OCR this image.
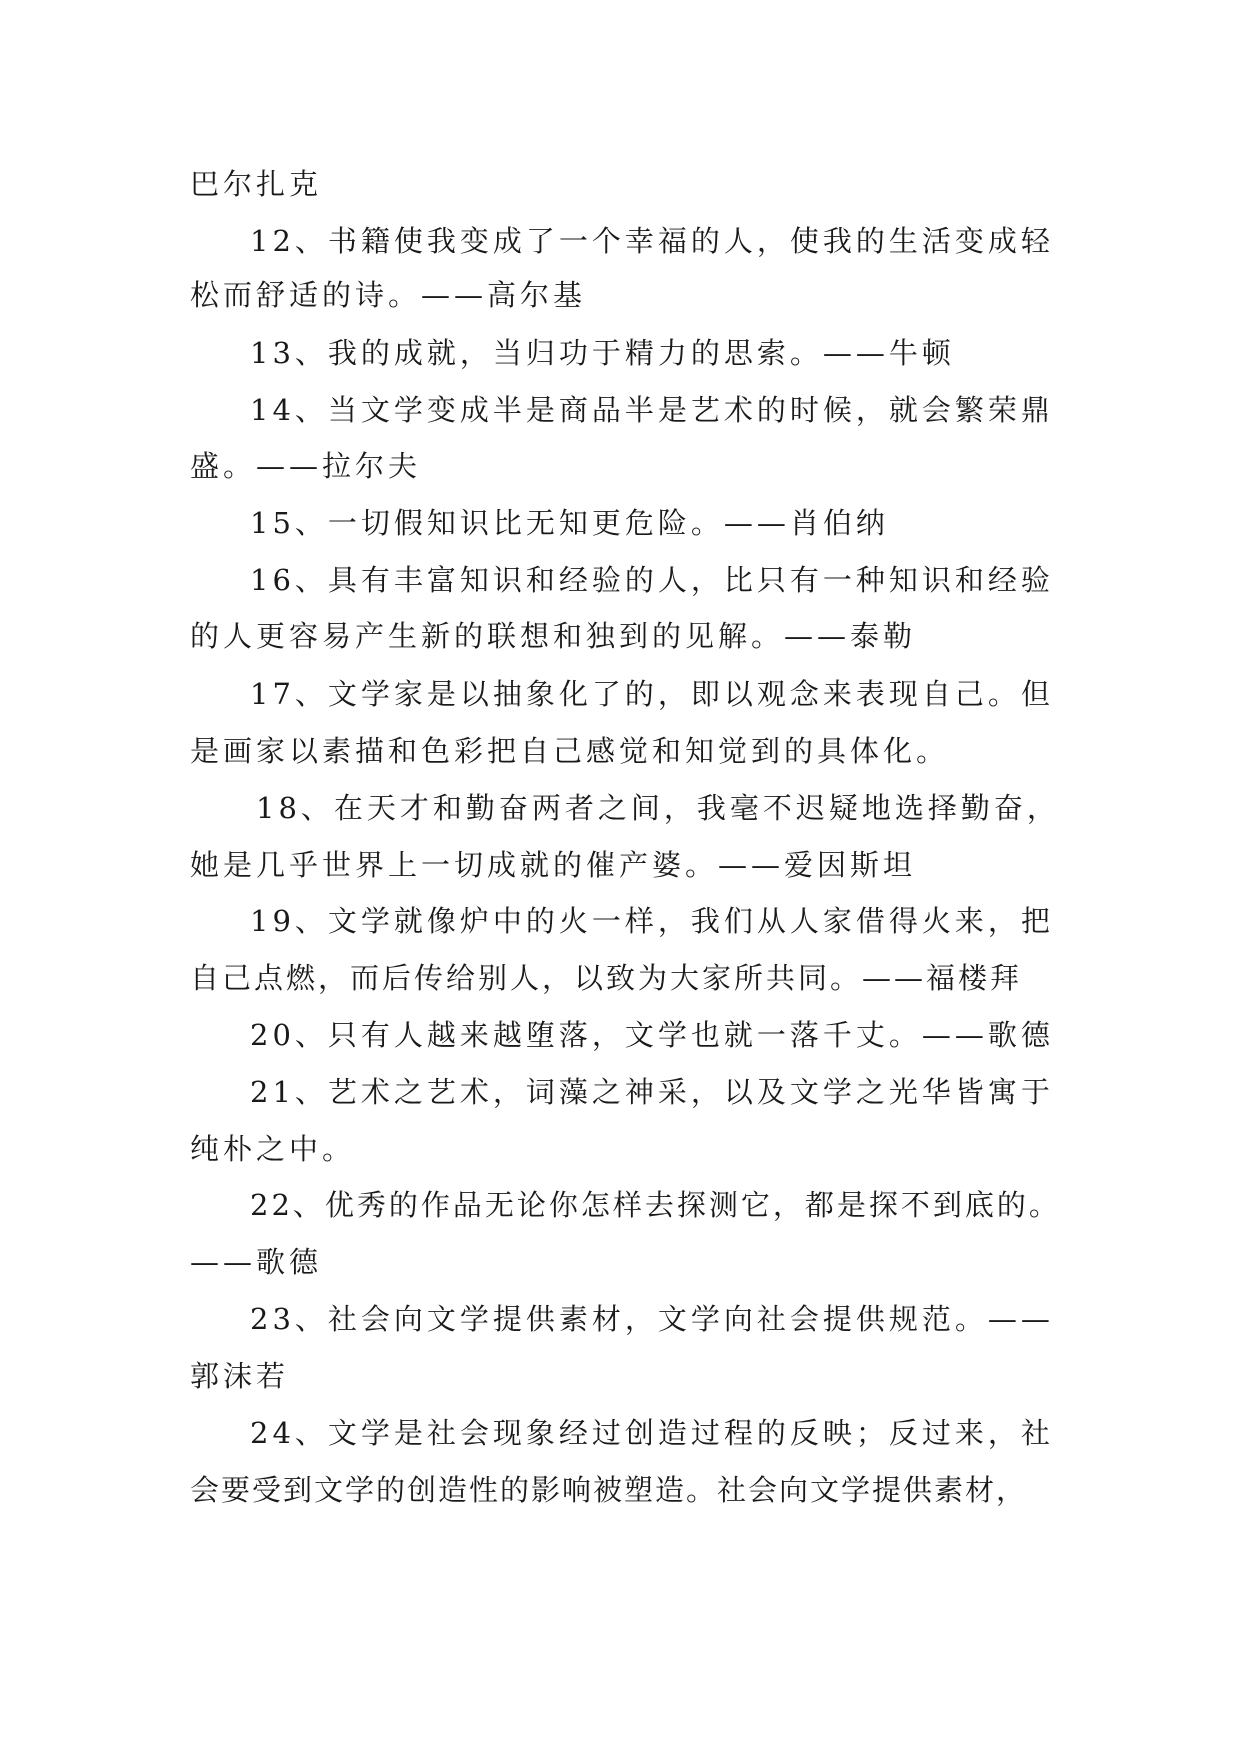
巴尔扎克
12、书籍使我变成了一个幸福的人，使我的生活变成轻
松而舒适的诗。——高尔基
13、我的成就，当归功于精力的思索。——牛顿
14、当文学变成半是商品半是艺术的时候，就会繁荣鼎
盛。——拉尔夫
15、一切假知识比无知更危险。——肖伯纳
16、具有丰富知识和经验的人，比只有一种知识和经验
的人更容易产生新的联想和独到的见解。——泰勒
17、文学家是以抽象化了的，即以观念来表现自己。但
是画家以素描和色彩把自己感觉和知觉到的具体化。
18、在天才和勤奋两者之间，我毫不迟疑地选择勤奋，
她是几乎世界上一切成就的催产婆。——爱因斯坦
19、文学就像炉中的火一样，我们从人家借得火来，把
自己点燃，而后传给别人，以致为大家所共同。——福楼拜
20、只有人越来越堕落，文学也就一落千丈。——歌德
21、艺术之艺术，词藻之神采，以及文学之光华皆寓于
纯朴之中。
22、优秀的作品无论你怎样去探测它，都是探不到底的。
——歌德
23、社会向文学提供素材，文学向社会提供规范。——
郭沫若
24、文学是社会现象经过创造过程的反映；反过来，社
会要受到文学的创造性的影响被塑造。社会向文学提供素材，
